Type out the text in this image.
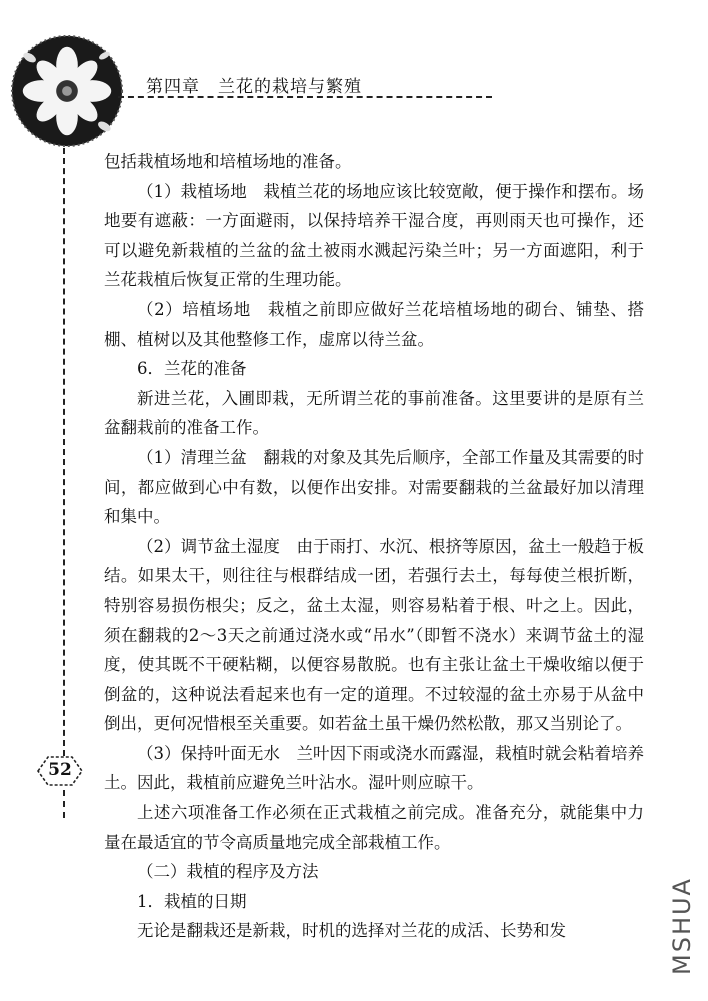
第四章　兰花的栽培与繁殖
52

包括栽植场地和培植场地的准备。

（1）栽植场地　栽植兰花的场地应该比较宽敞，便于操作和摆布。场地要有遮蔽：一方面避雨，以保持培养干湿合度，再则雨天也可操作，还可以避免新栽植的兰盆的盆土被雨水溅起污染兰叶；另一方面遮阳，利于兰花栽植后恢复正常的生理功能。

（2）培植场地　栽植之前即应做好兰花培植场地的砌台、铺垫、搭棚、植树以及其他整修工作，虚席以待兰盆。

6．兰花的准备

新进兰花，入圃即栽，无所谓兰花的事前准备。这里要讲的是原有兰盆翻栽前的准备工作。

（1）清理兰盆　翻栽的对象及其先后顺序，全部工作量及其需要的时间，都应做到心中有数，以便作出安排。对需要翻栽的兰盆最好加以清理和集中。

（2）调节盆土湿度　由于雨打、水沉、根挤等原因，盆土一般趋于板结。如果太干，则往往与根群结成一团，若强行去土，每每使兰根折断，特别容易损伤根尖；反之，盆土太湿，则容易粘着于根、叶之上。因此，须在翻栽的2～3天之前通过浇水或“吊水”（即暂不浇水）来调节盆土的湿度，使其既不干硬粘糊，以便容易散脱。也有主张让盆土干燥收缩以便于倒盆的，这种说法看起来也有一定的道理。不过较湿的盆土亦易于从盆中倒出，更何况惜根至关重要。如若盆土虽干燥仍然松散，那又当别论了。

（3）保持叶面无水　兰叶因下雨或浇水而露湿，栽植时就会粘着培养土。因此，栽植前应避免兰叶沾水。湿叶则应晾干。

上述六项准备工作必须在正式栽植之前完成。准备充分，就能集中力量在最适宜的节令高质量地完成全部栽植工作。

（二）栽植的程序及方法

1．栽植的日期

无论是翻栽还是新栽，时机的选择对兰花的成活、长势和发	MSHUA
